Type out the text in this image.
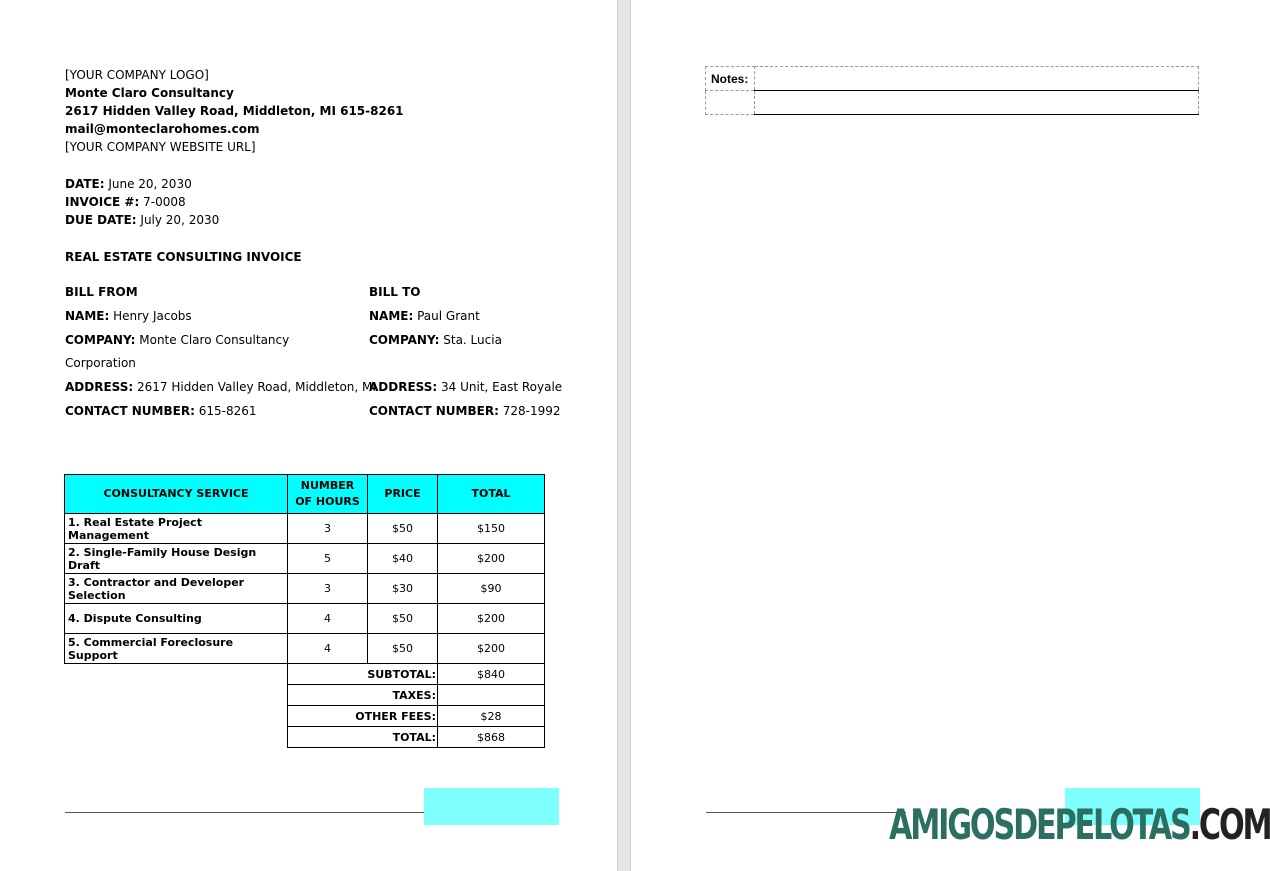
[YOUR COMPANY LOGO]
Monte Claro Consultancy
2617 Hidden Valley Road, Middleton, MI 615-8261
mail@monteclarohomes.com
[YOUR COMPANY WEBSITE URL]
DATE: June 20, 2030
INVOICE #: 7-0008
DUE DATE: July 20, 2030
REAL ESTATE CONSULTING INVOICE
BILL FROM
NAME: Henry Jacobs
COMPANY: Monte Claro Consultancy
Corporation
ADDRESS: 2617 Hidden Valley Road, Middleton, MI
CONTACT NUMBER: 615-8261
BILL TO
NAME: Paul Grant
COMPANY: Sta. Lucia
ADDRESS: 34 Unit, East Royale
CONTACT NUMBER: 728-1992
CONSULTANCY SERVICE	NUMBER OF HOURS	PRICE	TOTAL
1. Real Estate Project Management	3	$50	$150
2. Single-Family House Design Draft	5	$40	$200
3. Contractor and Developer Selection	3	$30	$90
4. Dispute Consulting	4	$50	$200
5. Commercial Foreclosure Support	4	$50	$200
	SUBTOTAL:		$840
	TAXES:		
	OTHER FEES:		$28
	TOTAL:		$868
Notes:	

AMIGOSDEPELOTAS.COM
